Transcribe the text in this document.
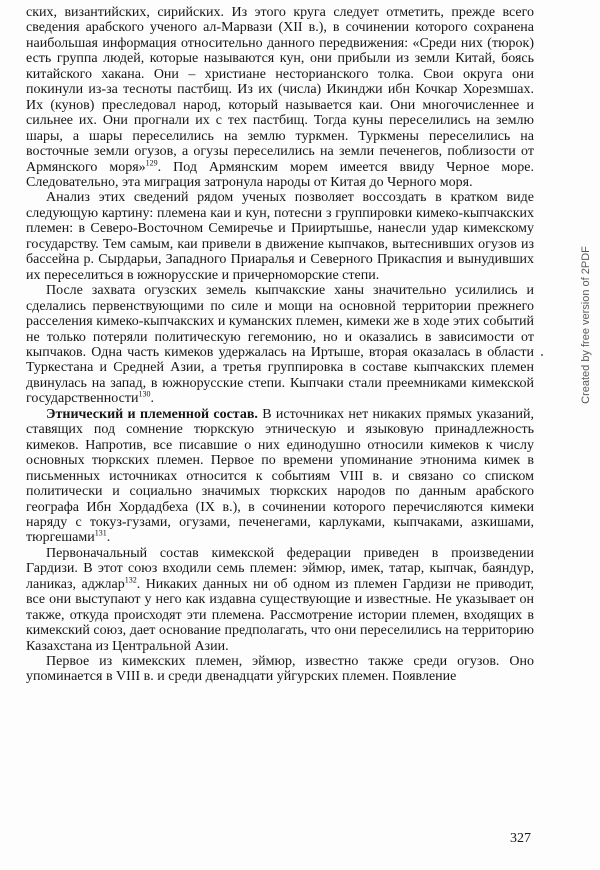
ских, византийских, сирийских. Из этого круга следует отметить, прежде всего сведения арабского ученого ал-Марвази (XII в.), в сочинении которого сохранена наибольшая информация относительно данного передвижения: «Среди них (тюрок) есть группа людей, которые называются кун, они прибыли из земли Китай, боясь китайского хакана. Они – христиане несторианского толка. Свои округа они покинули из-за тесноты пастбищ. Из их (числа) Икинджи ибн Кочкар Хорезмшах. Их (кунов) преследовал народ, который называется каи. Они многочисленнее и сильнее их. Они прогнали их с тех пастбищ. Тогда куны переселились на землю шары, а шары переселились на землю туркмен. Туркмены переселились на восточные земли огузов, а огузы переселились на земли печенегов, поблизости от Армянского моря»$^{129}$. Под Армянским морем имеется ввиду Черное море. Следовательно, эта миграция затронула народы от Китая до Черного моря.

Анализ этих сведений рядом ученых позволяет воссоздать в кратком виде следующую картину: племена каи и кун, потесни з группировки кимеко-кыпчакских племен: в Северо-Восточном Семиречье и Прииртышье, нанесли удар кимекскому государству. Тем самым, каи привели в движение кыпчаков, вытеснивших огузов из бассейна р. Сырдарьи, Западного Приаралья и Северного Прикаспия и вынудивших их переселиться в южнорусские и причерноморские степи.

После захвата огузских земель кыпчакские ханы значительно усилились и сделались первенствующими по силе и мощи на основной территории прежнего расселения кимеко-кыпчакских и куманских племен, кимеки же в ходе этих событий не только потеряли политическую гегемонию, но и оказались в зависимости от кыпчаков. Одна часть кимеков удержалась на Иртыше, вторая оказалась в области Туркестана и Средней Азии, а третья группировка в составе кыпчакских племен двинулась на запад, в южнорусские степи. Кыпчаки стали преемниками кимекской государственности$^{130}$.

Этнический и племенной состав. В источниках нет никаких прямых указаний, ставящих под сомнение тюркскую этническую и языковую принадлежность кимеков. Напротив, все писавшие о них единодушно относили кимеков к числу основных тюркских племен. Первое по времени упоминание этнонима кимек в письменных источниках относится к событиям VIII в. и связано со списком политически и социально значимых тюркских народов по данным арабского географа Ибн Хордадбеха (IX в.), в сочинении которого перечисляются кимеки наряду с токуз-гузами, огузами, печенегами, карлуками, кыпчаками, азкишами, тюргешами$^{131}$.

Первоначальный состав кимекской федерации приведен в произведении Гардизи. В этот союз входили семь племен: эймюр, имек, татар, кыпчак, баяндур, ланиказ, аджлар$^{132}$. Никаких данных ни об одном из племен Гардизи не приводит, все они выступают у него как издавна существующие и известные. Не указывает он также, откуда происходят эти племена. Рассмотрение истории племен, входящих в кимекский союз, дает основание предполагать, что они переселились на территорию Казахстана из Центральной Азии.

Первое из кимекских племен, эймюр, известно также среди огузов. Оно упоминается в VIII в. и среди двенадцати уйгурских племен. Появление

327
Created by free version of 2PDF
